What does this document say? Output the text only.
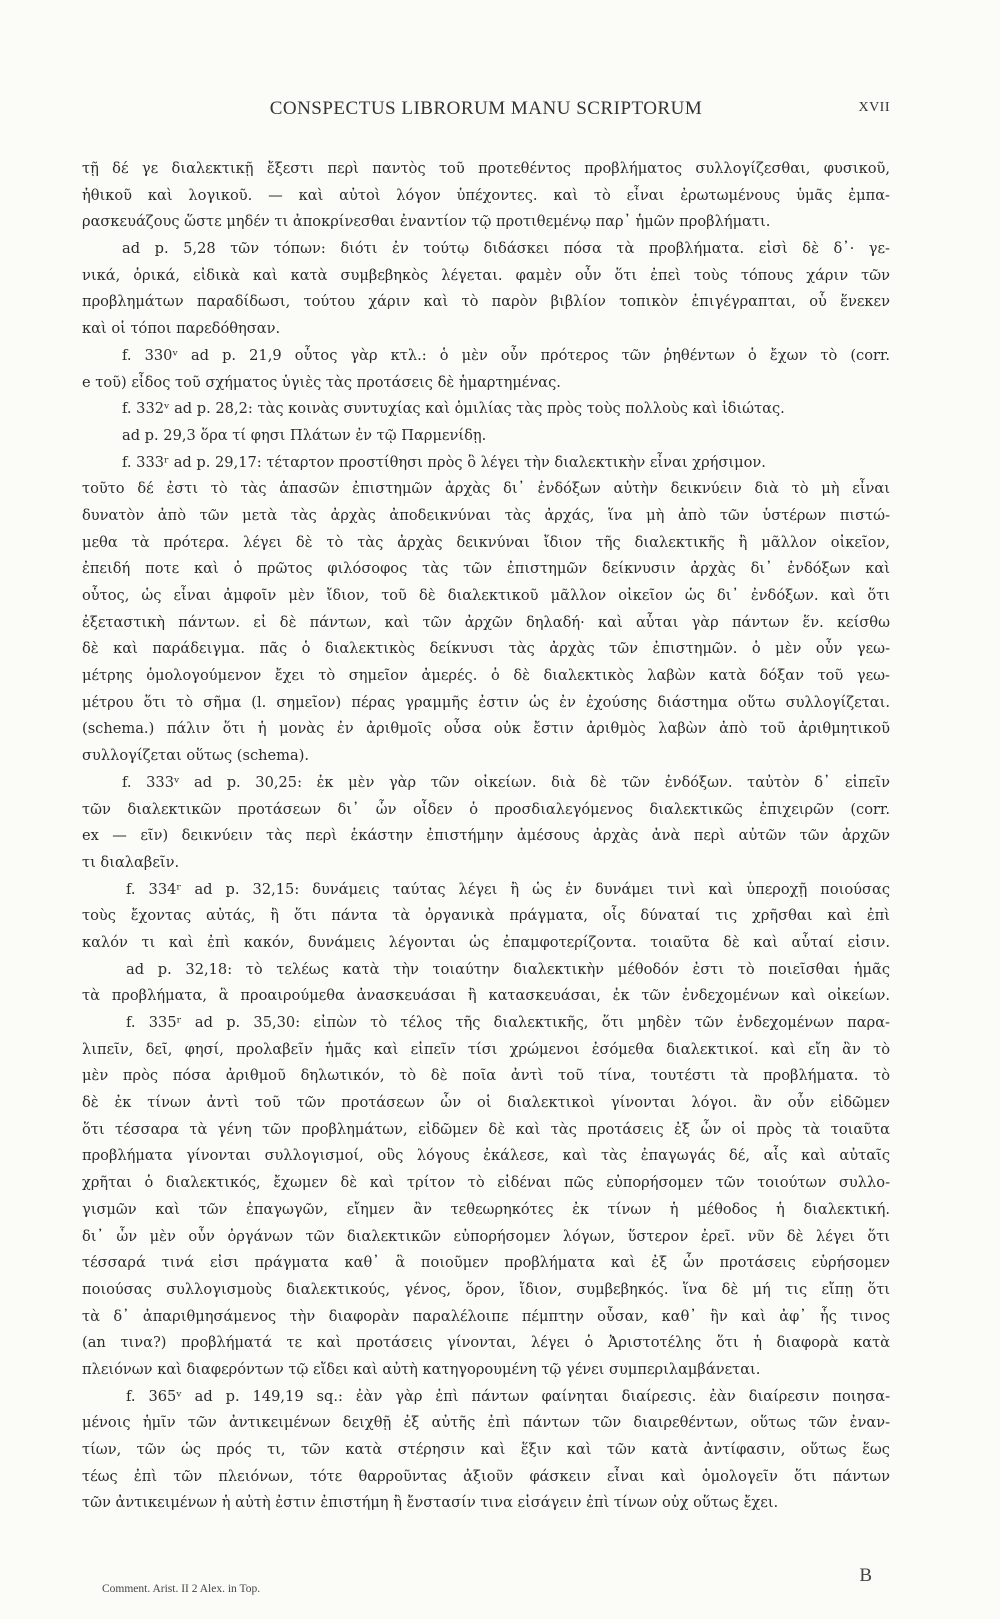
CONSPECTUS LIBRORUM MANU SCRIPTORUM	XVII
τῇ δέ γε διαλεκτικῇ ἔξεστι περὶ παντὸς τοῦ προτεθέντος προβλήματος συλλογίζεσθαι, φυσικοῦ,
ἠθικοῦ καὶ λογικοῦ. — καὶ αὐτοὶ λόγον ὑπέχοντες. καὶ τὸ εἶναι ἐρωτωμένους ὑμᾶς ἐμπα-
ρασκευάζους ὥστε μηδέν τι ἀποκρίνεσθαι ἐναντίον τῷ προτιθεμένῳ παρ᾽ ἡμῶν προβλήματι.
ad p. 5,28 τῶν τόπων: διότι ἐν τούτῳ διδάσκει πόσα τὰ προβλήματα. εἰσὶ δὲ δ᾽· γε-
νικά, ὁρικά, εἰδικὰ καὶ κατὰ συμβεβηκὸς λέγεται. φαμὲν οὖν ὅτι ἐπεὶ τοὺς τόπους χάριν τῶν
προβλημάτων παραδίδωσι, τούτου χάριν καὶ τὸ παρὸν βιβλίον τοπικὸν ἐπιγέγραπται, οὗ ἕνεκεν
καὶ οἱ τόποι παρεδόθησαν.
f. 330ᵛ ad p. 21,9 οὗτος γὰρ κτλ.: ὁ μὲν οὖν πρότερος τῶν ῥηθέντων ὁ ἔχων τὸ (corr.
e τοῦ) εἶδος τοῦ σχήματος ὑγιὲς τὰς προτάσεις δὲ ἡμαρτημένας.
f. 332ᵛ ad p. 28,2: τὰς κοινὰς συντυχίας καὶ ὁμιλίας τὰς πρὸς τοὺς πολλοὺς καὶ ἰδιώτας.
ad p. 29,3 ὅρα τί φησι Πλάτων ἐν τῷ Παρμενίδῃ.
f. 333ʳ ad p. 29,17: τέταρτον προστίθησι πρὸς ὃ λέγει τὴν διαλεκτικὴν εἶναι χρήσιμον.
τοῦτο δέ ἐστι τὸ τὰς ἁπασῶν ἐπιστημῶν ἀρχὰς δι᾽ ἐνδόξων αὐτὴν δεικνύειν διὰ τὸ μὴ εἶναι
δυνατὸν ἀπὸ τῶν μετὰ τὰς ἀρχὰς ἀποδεικνύναι τὰς ἀρχάς, ἵνα μὴ ἀπὸ τῶν ὑστέρων πιστώ-
μεθα τὰ πρότερα. λέγει δὲ τὸ τὰς ἀρχὰς δεικνύναι ἴδιον τῆς διαλεκτικῆς ἢ μᾶλλον οἰκεῖον,
ἐπειδή ποτε καὶ ὁ πρῶτος φιλόσοφος τὰς τῶν ἐπιστημῶν δείκνυσιν ἀρχὰς δι᾽ ἐνδόξων καὶ
οὗτος, ὡς εἶναι ἀμφοῖν μὲν ἴδιον, τοῦ δὲ διαλεκτικοῦ μᾶλλον οἰκεῖον ὡς δι᾽ ἐνδόξων. καὶ ὅτι
ἐξεταστικὴ πάντων. εἰ δὲ πάντων, καὶ τῶν ἀρχῶν δηλαδή· καὶ αὗται γὰρ πάντων ἕν. κείσθω
δὲ καὶ παράδειγμα. πᾶς ὁ διαλεκτικὸς δείκνυσι τὰς ἀρχὰς τῶν ἐπιστημῶν. ὁ μὲν οὖν γεω-
μέτρης ὁμολογούμενον ἔχει τὸ σημεῖον ἀμερές. ὁ δὲ διαλεκτικὸς λαβὼν κατὰ δόξαν τοῦ γεω-
μέτρου ὅτι τὸ σῆμα (l. σημεῖον) πέρας γραμμῆς ἐστιν ὡς ἐν ἐχούσης διάστημα οὕτω συλλογίζεται.
(schema.) πάλιν ὅτι ἡ μονὰς ἐν ἀριθμοῖς οὖσα οὐκ ἔστιν ἀριθμὸς λαβὼν ἀπὸ τοῦ ἀριθμητικοῦ
συλλογίζεται οὕτως (schema).
f. 333ᵛ ad p. 30,25: ἐκ μὲν γὰρ τῶν οἰκείων. διὰ δὲ τῶν ἐνδόξων. ταὐτὸν δ᾽ εἰπεῖν
τῶν διαλεκτικῶν προτάσεων δι᾽ ὧν οἶδεν ὁ προσδιαλεγόμενος διαλεκτικῶς ἐπιχειρῶν (corr.
ex — εῖν) δεικνύειν τὰς περὶ ἑκάστην ἐπιστήμην ἀμέσους ἀρχὰς ἀνὰ περὶ αὐτῶν τῶν ἀρχῶν
τι διαλαβεῖν.
f. 334ʳ ad p. 32,15: δυνάμεις ταύτας λέγει ἢ ὡς ἐν δυνάμει τινὶ καὶ ὑπεροχῇ ποιούσας
τοὺς ἔχοντας αὐτάς, ἢ ὅτι πάντα τὰ ὀργανικὰ πράγματα, οἷς δύναταί τις χρῆσθαι καὶ ἐπὶ
καλόν τι καὶ ἐπὶ κακόν, δυνάμεις λέγονται ὡς ἐπαμφοτερίζοντα. τοιαῦτα δὲ καὶ αὗταί εἰσιν.
ad p. 32,18: τὸ τελέως κατὰ τὴν τοιαύτην διαλεκτικὴν μέθοδόν ἐστι τὸ ποιεῖσθαι ἡμᾶς
τὰ προβλήματα, ἃ προαιρούμεθα ἀνασκευάσαι ἢ κατασκευάσαι, ἐκ τῶν ἐνδεχομένων καὶ οἰκείων.
f. 335ʳ ad p. 35,30: εἰπὼν τὸ τέλος τῆς διαλεκτικῆς, ὅτι μηδὲν τῶν ἐνδεχομένων παρα-
λιπεῖν, δεῖ, φησί, προλαβεῖν ἡμᾶς καὶ εἰπεῖν τίσι χρώμενοι ἐσόμεθα διαλεκτικοί. καὶ εἴη ἂν τὸ
μὲν πρὸς πόσα ἀριθμοῦ δηλωτικόν, τὸ δὲ ποῖα ἀντὶ τοῦ τίνα, τουτέστι τὰ προβλήματα. τὸ
δὲ ἐκ τίνων ἀντὶ τοῦ τῶν προτάσεων ὧν οἱ διαλεκτικοὶ γίνονται λόγοι. ἂν οὖν εἰδῶμεν
ὅτι τέσσαρα τὰ γένη τῶν προβλημάτων, εἰδῶμεν δὲ καὶ τὰς προτάσεις ἐξ ὧν οἱ πρὸς τὰ τοιαῦτα
προβλήματα γίνονται συλλογισμοί, οὓς λόγους ἐκάλεσε, καὶ τὰς ἐπαγωγάς δέ, αἷς καὶ αὐταῖς
χρῆται ὁ διαλεκτικός, ἔχωμεν δὲ καὶ τρίτον τὸ εἰδέναι πῶς εὐπορήσομεν τῶν τοιούτων συλλο-
γισμῶν καὶ τῶν ἐπαγωγῶν, εἴημεν ἂν τεθεωρηκότες ἐκ τίνων ἡ μέθοδος ἡ διαλεκτική.
δι᾽ ὧν μὲν οὖν ὀργάνων τῶν διαλεκτικῶν εὐπορήσομεν λόγων, ὕστερον ἐρεῖ. νῦν δὲ λέγει ὅτι
τέσσαρά τινά εἰσι πράγματα καθ᾽ ἃ ποιοῦμεν προβλήματα καὶ ἐξ ὧν προτάσεις εὑρήσομεν
ποιούσας συλλογισμοὺς διαλεκτικούς, γένος, ὅρον, ἴδιον, συμβεβηκός. ἵνα δὲ μή τις εἴπῃ ὅτι
τὰ δ᾽ ἀπαριθμησάμενος τὴν διαφορὰν παραλέλοιπε πέμπτην οὖσαν, καθ᾽ ἣν καὶ ἀφ᾽ ἧς τινος
(an τινα?) προβλήματά τε καὶ προτάσεις γίνονται, λέγει ὁ Ἀριστοτέλης ὅτι ἡ διαφορὰ κατὰ
πλειόνων καὶ διαφερόντων τῷ εἴδει καὶ αὐτὴ κατηγορουμένη τῷ γένει συμπεριλαμβάνεται.
f. 365ᵛ ad p. 149,19 sq.: ἐὰν γὰρ ἐπὶ πάντων φαίνηται διαίρεσις. ἐὰν διαίρεσιν ποιησα-
μένοις ἡμῖν τῶν ἀντικειμένων δειχθῇ ἐξ αὐτῆς ἐπὶ πάντων τῶν διαιρεθέντων, οὕτως τῶν ἐναν-
τίων, τῶν ὡς πρός τι, τῶν κατὰ στέρησιν καὶ ἕξιν καὶ τῶν κατὰ ἀντίφασιν, οὕτως ἕως
τέως ἐπὶ τῶν πλειόνων, τότε θαρροῦντας ἀξιοῦν φάσκειν εἶναι καὶ ὁμολογεῖν ὅτι πάντων
τῶν ἀντικειμένων ἡ αὐτὴ ἐστιν ἐπιστήμη ἢ ἔνστασίν τινα εἰσάγειν ἐπὶ τίνων οὐχ οὕτως ἔχει.
Comment. Arist. II 2 Alex. in Top.
B
